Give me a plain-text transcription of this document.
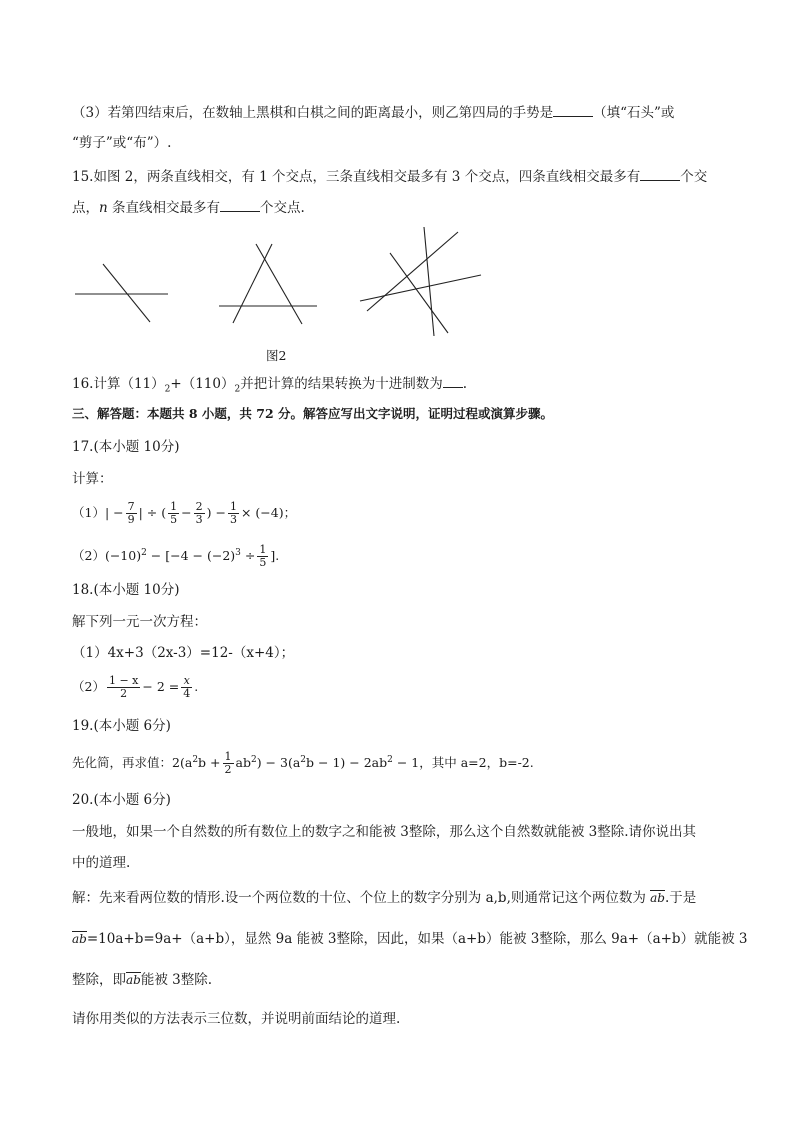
（3）若第四结束后，在数轴上黑棋和白棋之间的距离最小，则乙第四局的手势是	（填“石头”或
“剪子”或“布”）.
15.如图 2，两条直线相交，有 1 个交点，三条直线相交最多有 3 个交点，四条直线相交最多有	个交
点，n 条直线相交最多有	个交点.
图2
16.计算$(11)_2+(110)_2$并把计算的结果转换为十进制数为 .
三、解答题：本题共 8 小题，共 72 分。解答应写出文字说明，证明过程或演算步骤。
17.(本小题 10分)
计算：
$(1)| - \frac{7}{9}$ | ÷ ( $\frac{1}{5} - \frac{2}{3}$ ) − $\frac{1}{3} \times (-4)$；
$(2)(-10)^2 - [-4 - (-2)^3 \div \frac{1}{5}$ ].
18.(本小题 10分)
解下列一元一次方程：
（1）4x+3（2x-3）=12-（x+4）；
$(2) \frac{1 - x}{2} - 2 = \frac{x}{4}$ .
19.(本小题 6分)
先化简，再求值：$2(a^2b + \frac{1}{2} ab^2) - 3(a^2b - 1) - 2ab^2 - 1$，其中 a=2，b=-2.
20.(本小题 6分)
一般地，如果一个自然数的所有数位上的数字之和能被 3整除，那么这个自然数就能被 3整除.请你说出其
中的道理.
解：先来看两位数的情形.设一个两位数的十位、个位上的数字分别为 a,b,则通常记这个两位数为 ab.于是
ab=10a+b=9a+（a+b），显然 9a 能被 3整除，因此，如果（a+b）能被 3整除，那么 9a+（a+b）就能被 3
整除，即ab能被 3整除.
请你用类似的方法表示三位数，并说明前面结论的道理.
